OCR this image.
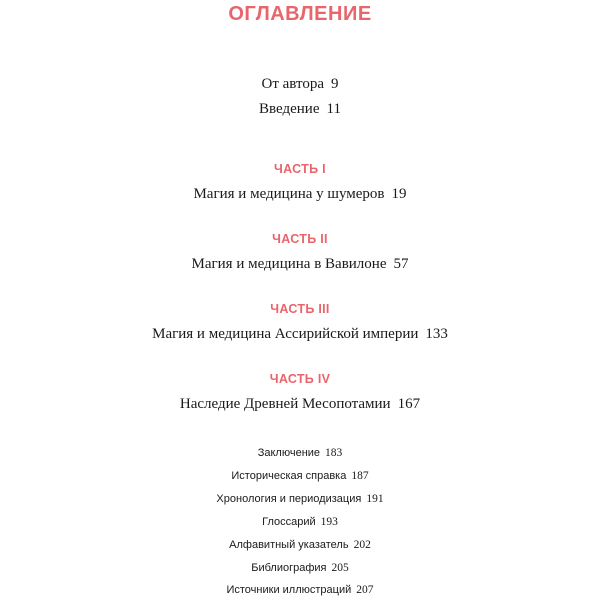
ОГЛАВЛЕНИЕ
От автора 9
Введение 11
ЧАСТЬ I
Магия и медицина у шумеров 19
ЧАСТЬ II
Магия и медицина в Вавилоне 57
ЧАСТЬ III
Магия и медицина Ассирийской империи 133
ЧАСТЬ IV
Наследие Древней Месопотамии 167
Заключение 183
Историческая справка 187
Хронология и периодизация 191
Глоссарий 193
Алфавитный указатель 202
Библиография 205
Источники иллюстраций 207
